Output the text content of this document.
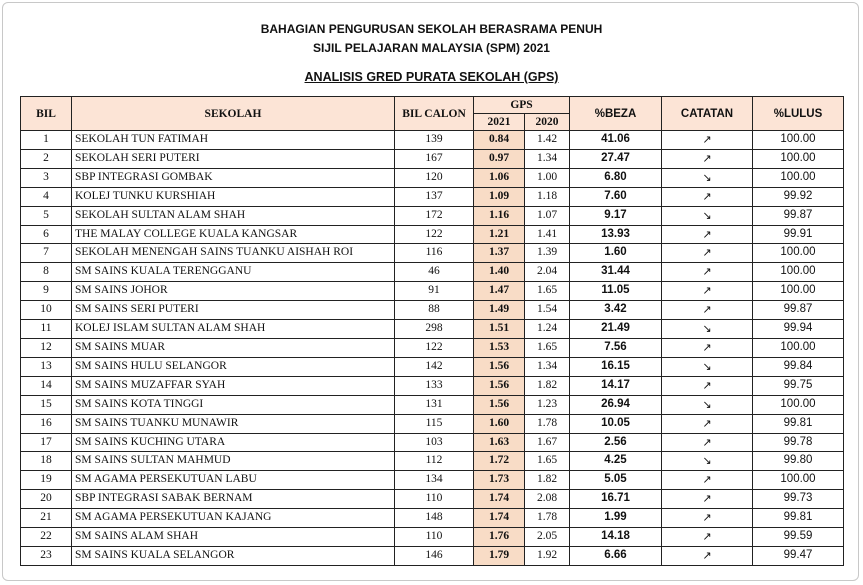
BAHAGIAN PENGURUSAN SEKOLAH BERASRAMA PENUH
SIJIL PELAJARAN MALAYSIA (SPM) 2021
ANALISIS GRED PURATA SEKOLAH (GPS)
BIL	SEKOLAH	BIL CALON	GPS		%BEZA	CATATAN	%LULUS
			2021	2020			
1	SEKOLAH TUN FATIMAH	139	0.84	1.42	41.06	↗	100.00
2	SEKOLAH SERI PUTERI	167	0.97	1.34	27.47	↗	100.00
3	SBP INTEGRASI GOMBAK	120	1.06	1.00	6.80	↘	100.00
4	KOLEJ TUNKU KURSHIAH	137	1.09	1.18	7.60	↗	99.92
5	SEKOLAH SULTAN ALAM SHAH	172	1.16	1.07	9.17	↘	99.87
6	THE MALAY COLLEGE KUALA KANGSAR	122	1.21	1.41	13.93	↗	99.91
7	SEKOLAH MENENGAH SAINS TUANKU AISHAH ROI	116	1.37	1.39	1.60	↗	100.00
8	SM SAINS KUALA TERENGGANU	46	1.40	2.04	31.44	↗	100.00
9	SM SAINS JOHOR	91	1.47	1.65	11.05	↗	100.00
10	SM SAINS SERI PUTERI	88	1.49	1.54	3.42	↗	99.87
11	KOLEJ ISLAM SULTAN ALAM SHAH	298	1.51	1.24	21.49	↘	99.94
12	SM SAINS MUAR	122	1.53	1.65	7.56	↗	100.00
13	SM SAINS HULU SELANGOR	142	1.56	1.34	16.15	↘	99.84
14	SM SAINS MUZAFFAR SYAH	133	1.56	1.82	14.17	↗	99.75
15	SM SAINS KOTA TINGGI	131	1.56	1.23	26.94	↘	100.00
16	SM SAINS TUANKU MUNAWIR	115	1.60	1.78	10.05	↗	99.81
17	SM SAINS KUCHING UTARA	103	1.63	1.67	2.56	↗	99.78
18	SM SAINS SULTAN MAHMUD	112	1.72	1.65	4.25	↘	99.80
19	SM AGAMA PERSEKUTUAN LABU	134	1.73	1.82	5.05	↗	100.00
20	SBP INTEGRASI SABAK BERNAM	110	1.74	2.08	16.71	↗	99.73
21	SM AGAMA PERSEKUTUAN KAJANG	148	1.74	1.78	1.99	↗	99.81
22	SM SAINS ALAM SHAH	110	1.76	2.05	14.18	↗	99.59
23	SM SAINS KUALA SELANGOR	146	1.79	1.92	6.66	↗	99.47
